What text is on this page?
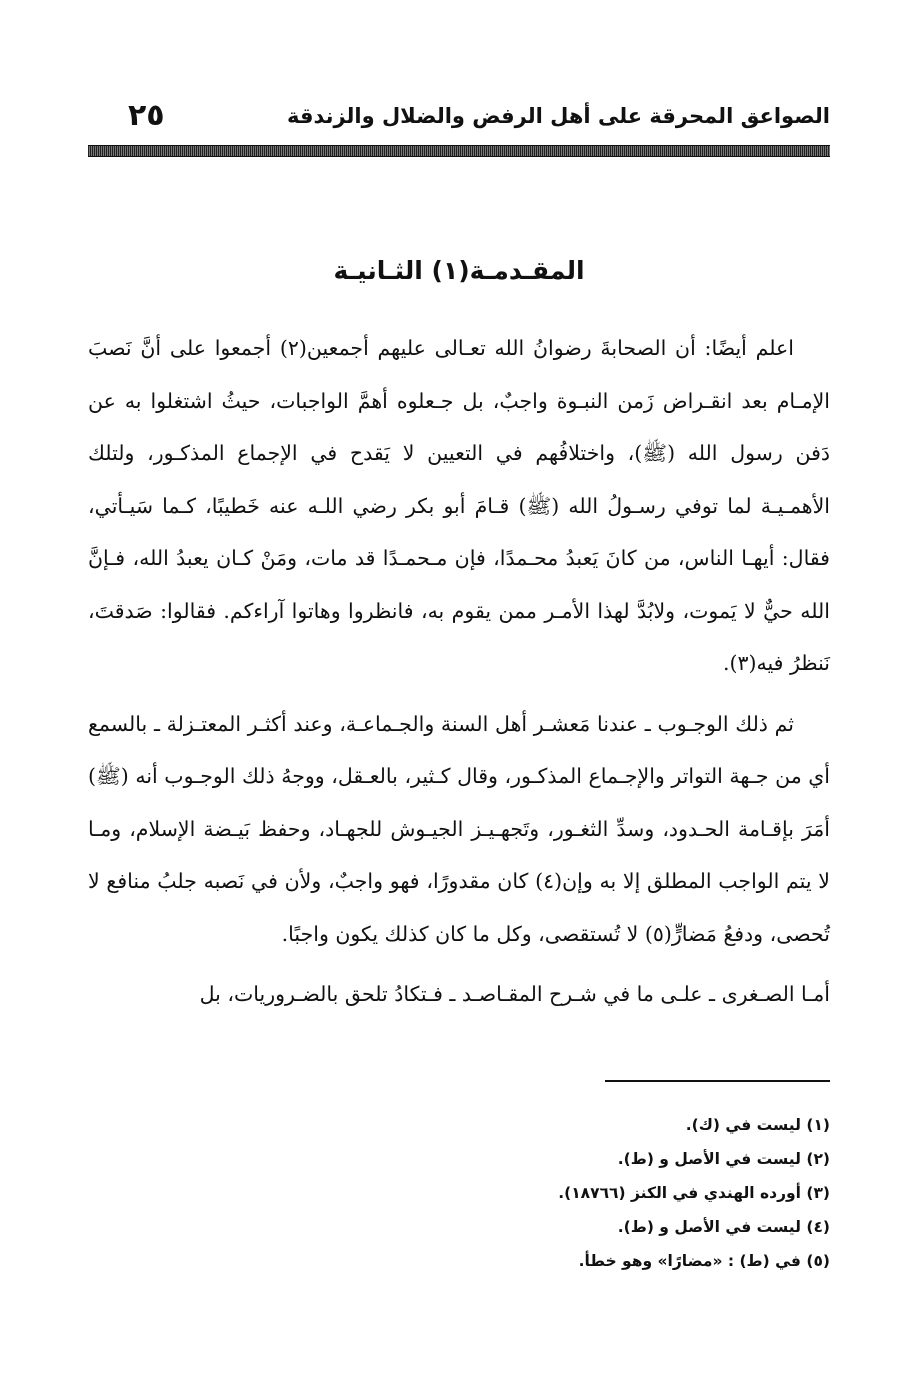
الصواعق المحرقة على أهل الرفض والضلال والزندقة
٢٥
المقـدمـة(١) الثـانيـة

اعلم أيضًا: أن الصحابةَ رضوانُ الله تعـالى عليهم أجمعين(٢) أجمعوا على أنَّ نَصبَ الإمـام بعد انقـراض زَمن النبـوة واجبٌ، بل جـعلوه أهمَّ الواجبات، حيثُ اشتغلوا به عن دَفن رسول الله (ﷺ)، واختلافُهم في التعيين لا يَقدح في الإجماع المذكـور، ولتلك الأهمـيـة لما توفي رسـولُ الله (ﷺ) قـامَ أبو بكر رضي اللـه عنه خَطيبًا، كـما سَيـأتي، فقال: أيهـا الناس، من كانَ يَعبدُ محـمدًا، فإن مـحمـدًا قد مات، ومَنْ كـان يعبدُ الله، فـإنَّ الله حيٌّ لا يَموت، ولابُدَّ لهذا الأمـر ممن يقوم به، فانظروا وهاتوا آراءكم. فقالوا: صَدقتَ، نَنظرُ فيه(٣).

ثم ذلك الوجـوب ـ عندنا مَعشـر أهل السنة والجـماعـة، وعند أكثـر المعتـزلة ـ بالسمع أي من جـهة التواتر والإجـماع المذكـور، وقال كـثير، بالعـقل، ووجهُ ذلك الوجـوب أنه (ﷺ) أمَرَ بإقـامة الحـدود، وسدِّ الثغـور، وتَجهـيـز الجيـوش للجهـاد، وحفظ بَيـضة الإسلام، ومـا لا يتم الواجب المطلق إلا به وإن(٤) كان مقدورًا، فهو واجبٌ، ولأن في نَصبه جلبُ منافع لا تُحصى، ودفعُ مَضارٍّ(٥) لا تُستقصى، وكل ما كان كذلك يكون واجبًا.

أمـا الصـغرى ـ علـى ما في شـرح المقـاصـد ـ فـتكادُ تلحق بالضـروريات، بل

(١) ليست في (ك).
(٢) ليست في الأصل و (ط).
(٣) أورده الهندي في الكنز (١٨٧٦٦).
(٤) ليست في الأصل و (ط).
(٥) في (ط) : «مضارًا» وهو خطأ.
